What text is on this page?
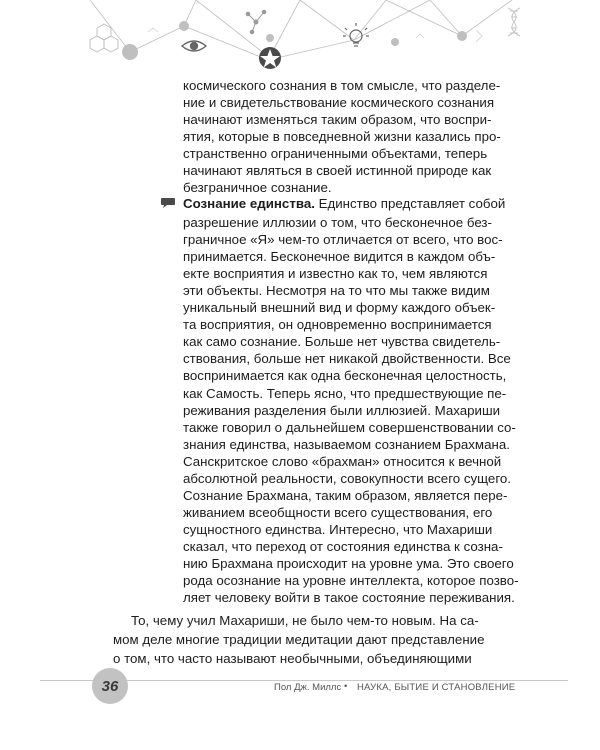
космического сознания в том смысле, что разделе-

ние и свидетельствование космического сознания

начинают изменяться таким образом, что воспри-

ятия, которые в повседневной жизни казались про-

странственно ограниченными объектами, теперь

начинают являться в своей истинной природе как

безграничное сознание.

Сознание единства. Единство представляет собой

разрешение иллюзии о том, что бесконечное без-

граничное «Я» чем-то отличается от всего, что вос-

принимается. Бесконечное видится в каждом объ-

екте восприятия и известно как то, чем являются

эти объекты. Несмотря на то что мы также видим

уникальный внешний вид и форму каждого объек-

та восприятия, он одновременно воспринимается

как само сознание. Больше нет чувства свидетель-

ствования, больше нет никакой двойственности. Все

воспринимается как одна бесконечная целостность,

как Самость. Теперь ясно, что предшествующие пе-

реживания разделения были иллюзией. Махариши

также говорил о дальнейшем совершенствовании со-

знания единства, называемом сознанием Брахмана.

Санскритское слово «брахман» относится к вечной

абсолютной реальности, совокупности всего сущего.

Сознание Брахмана, таким образом, является пере-

живанием всеобщности всего существования, его

сущностного единства. Интересно, что Махариши

сказал, что переход от состояния единства к созна-

нию Брахмана происходит на уровне ума. Это своего

рода осознание на уровне интеллекта, которое позво-

ляет человеку войти в такое состояние переживания.

То, чему учил Махариши, не было чем-то новым. На са-

мом деле многие традиции медитации дают представление

о том, что часто называют необычными, объединяющими

36	Пол Дж. Миллс • НАУКА, БЫТИЕ И СТАНОВЛЕНИЕ
